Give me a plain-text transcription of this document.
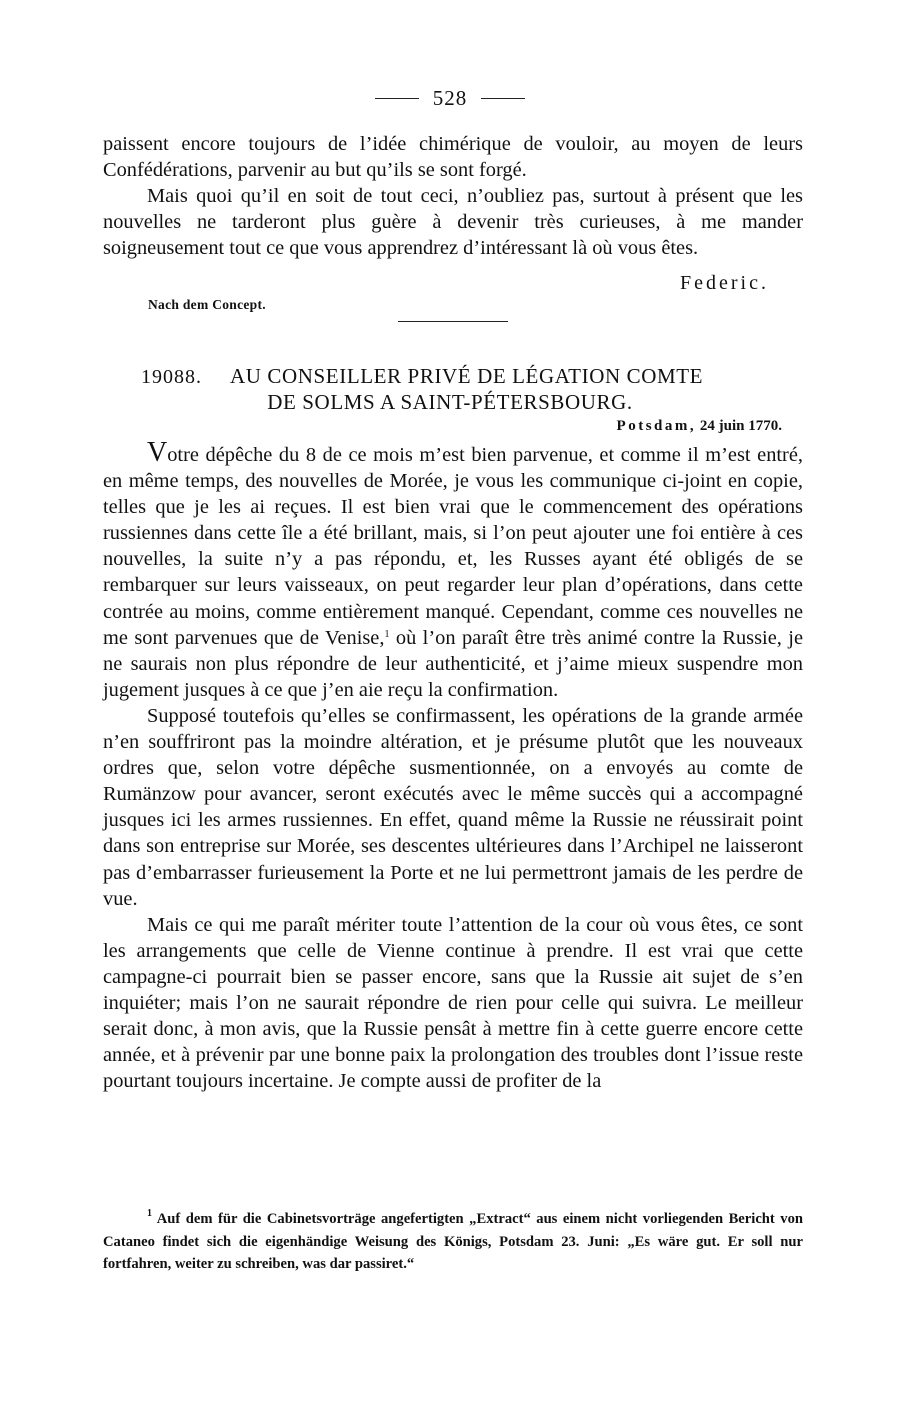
528

paissent encore toujours de l’idée chimérique de vouloir, au moyen de leurs Confédérations, parvenir au but qu’ils se sont forgé.

Mais quoi qu’il en soit de tout ceci, n’oubliez pas, surtout à présent que les nouvelles ne tarderont plus guère à devenir très curieuses, à me mander soigneusement tout ce que vous apprendrez d’intéressant là où vous êtes.

Federic.
Nach dem Concept.
19088. AU CONSEILLER PRIVÉ DE LÉGATION COMTE
DE SOLMS A SAINT-PÉTERSBOURG.
Potsdam, 24 juin 1770.

Votre dépêche du 8 de ce mois m’est bien parvenue, et comme il m’est entré, en même temps, des nouvelles de Morée, je vous les communique ci-joint en copie, telles que je les ai reçues. Il est bien vrai que le commencement des opérations russiennes dans cette île a été brillant, mais, si l’on peut ajouter une foi entière à ces nouvelles, la suite n’y a pas répondu, et, les Russes ayant été obligés de se rembarquer sur leurs vaisseaux, on peut regarder leur plan d’opérations, dans cette contrée au moins, comme entièrement manqué. Cependant, comme ces nouvelles ne me sont parvenues que de Venise,$^1$ où l’on paraît être très animé contre la Russie, je ne saurais non plus répondre de leur authenticité, et j’aime mieux suspendre mon jugement jusques à ce que j’en aie reçu la confirmation.

Supposé toutefois qu’elles se confirmassent, les opérations de la grande armée n’en souffriront pas la moindre altération, et je présume plutôt que les nouveaux ordres que, selon votre dépêche susmentionnée, on a envoyés au comte de Rumänzow pour avancer, seront exécutés avec le même succès qui a accompagné jusques ici les armes russiennes. En effet, quand même la Russie ne réussirait point dans son entreprise sur Morée, ses descentes ultérieures dans l’Archipel ne laisseront pas d’embarrasser furieusement la Porte et ne lui permettront jamais de les perdre de vue.

Mais ce qui me paraît mériter toute l’attention de la cour où vous êtes, ce sont les arrangements que celle de Vienne continue à prendre. Il est vrai que cette campagne-ci pourrait bien se passer encore, sans que la Russie ait sujet de s’en inquiéter; mais l’on ne saurait répondre de rien pour celle qui suivra. Le meilleur serait donc, à mon avis, que la Russie pensât à mettre fin à cette guerre encore cette année, et à prévenir par une bonne paix la prolongation des troubles dont l’issue reste pourtant toujours incertaine. Je compte aussi de profiter de la

$^1$ Auf dem für die Cabinetsvorträge angefertigten „Extract“ aus einem nicht vorliegenden Bericht von Cataneo findet sich die eigenhändige Weisung des Königs, Potsdam 23. Juni: „Es wäre gut. Er soll nur fortfahren, weiter zu schreiben, was dar passiret.“
